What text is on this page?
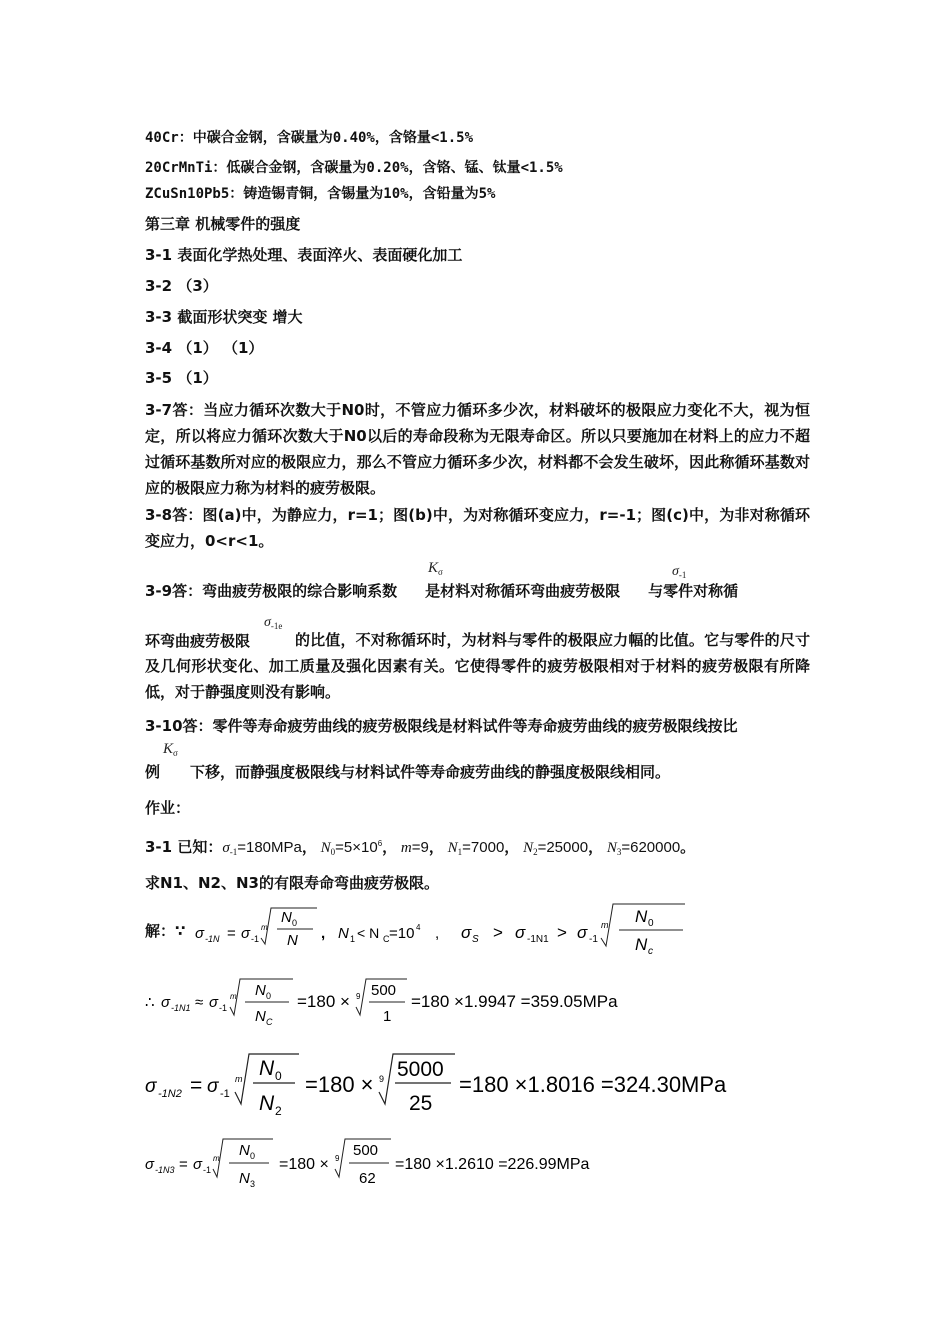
40Cr：中碳合金钢，含碳量为0.40%，含铬量<1.5%
20CrMnTi：低碳合金钢，含碳量为0.20%，含铬、锰、钛量<1.5%
ZCuSn10Pb5：铸造锡青铜，含锡量为10%，含铅量为5%
第三章 机械零件的强度
3-1 表面化学热处理、表面淬火、表面硬化加工
3-2 （3）
3-3 截面形状突变 增大
3-4 （1） （1）
3-5 （1）
3-7答：当应力循环次数大于N0时，不管应力循环多少次，材料破坏的极限应力变化不大，视为恒定，所以将应力循环次数大于N0以后的寿命段称为无限寿命区。所以只要施加在材料上的应力不超过循环基数所对应的极限应力，那么不管应力循环多少次，材料都不会发生破坏，因此称循环基数对应的极限应力称为材料的疲劳极限。
3-8答：图(a)中，为静应力，r=1；图(b)中，为对称循环变应力，r=-1；图(c)中，为非对称循环变应力，0<r<1。
3-9答：弯曲疲劳极限的综合影响系数 是材料对称循环弯曲疲劳极限 与零件对称循
$K_\sigma$	$\sigma_{-1}$
环弯曲疲劳极限
$\sigma_{-1e}$
的比值，不对称循环时，为材料与零件的极限应力幅的比值。它与零件的尺寸及几何形状变化、加工质量及强化因素有关。它使得零件的疲劳极限相对于材料的疲劳极限有所降低，对于静强度则没有影响。
3-10答：零件等寿命疲劳曲线的疲劳极限线是材料试件等寿命疲劳曲线的疲劳极限线按比
$K_\sigma$
例 下移，而静强度极限线与材料试件等寿命疲劳曲线的静强度极限线相同。
作业：
3-1 已知：$\sigma_{-1}=180MPa$， $N_0=5\times 10^6$， m=9， $N_1=7000$， $N_2=25000$， $N_3=620000$。
求N1、N2、N3的有限寿命弯曲疲劳极限。
解：∵ σ -1N = σ -1
m
N 0
N , N 1 < N C =10 4 , σ S > σ -1N1 > σ -1
m N 0
N c
∴ σ -1N1 ≈ σ -1
m N 0
N C
=180 × 9 500
1
=180 ×1.9947 =359.05MPa
σ -1N2 = σ -1
m N 0
N 2
=180 × 9 5000
25
=180 ×1.8016 =324.30MPa
σ -1N3 = σ -1
m N 0
N 3
=180 × 9 500
62
=180 ×1.2610 =226.99MPa
